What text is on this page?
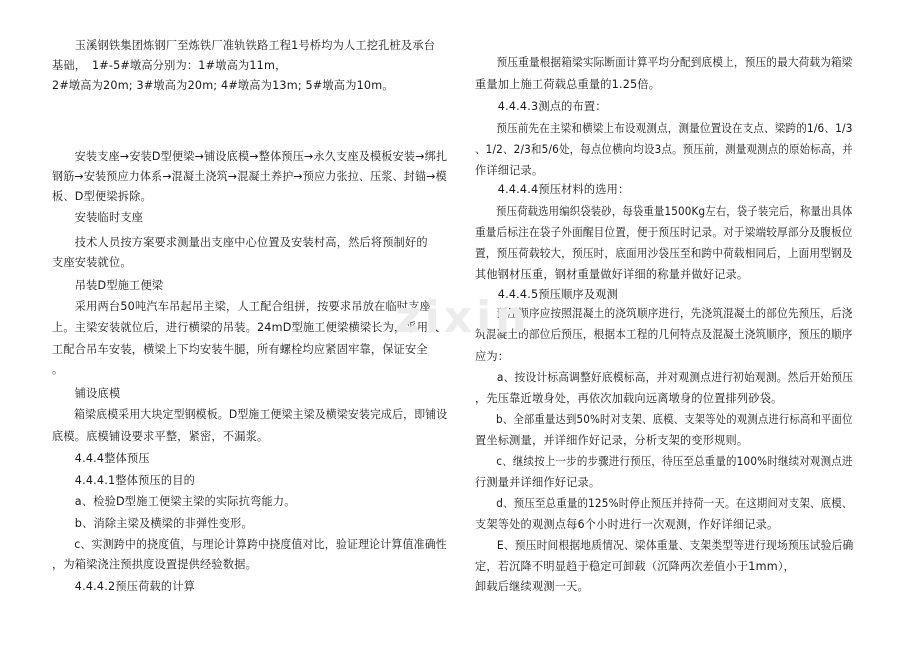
　　玉溪钢铁集团炼钢厂至炼铁厂准轨铁路工程1号桥均为人工挖孔桩及承台
基础，　1#-5#墩高分别为：1#墩高为11m，
2#墩高为20m; 3#墩高为20m; 4#墩高为13m; 5#墩高为10m。
　　安装支座→安装D型便梁→铺设底模→整体预压→永久支座及模板安装→绑扎
钢筋→安装预应力体系→混凝土浇筑→混凝土养护→预应力张拉、压浆、封锚→模
板、D型便梁拆除。
　　安装临时支座
　　技术人员按方案要求测量出支座中心位置及安装村高，然后将预制好的
支座安装就位。
　　吊装D型施工便梁
　　采用两台50吨汽车吊起吊主梁，人工配合组拼，按要求吊放在临时支座
上。主梁安装就位后，进行横梁的吊装。24mD型施工便梁横梁长为，采用人
工配合吊车安装，横梁上下均安装牛腿，所有螺栓均应紧固牢靠，保证安全
。
　　铺设底模
　　箱梁底模采用大块定型钢模板。D型施工便梁主梁及横梁安装完成后，即铺设
底模。底模铺设要求平整，紧密，不漏浆。
　　4.4.4整体预压
　　4.4.4.1整体预压的目的
　　a、检验D型施工便梁主梁的实际抗弯能力。
　　b、消除主梁及横梁的非弹性变形。
　　c、实测跨中的挠度值，与理论计算跨中挠度值对比，验证理论计算值准确性
，为箱梁浇注预拱度设置提供经验数据。
　　4.4.4.2预压荷载的计算
　　预压重量根据箱梁实际断面计算平均分配到底模上，预压的最大荷载为箱梁
重量加上施工荷载总重量的1.25倍。
　　4.4.4.3测点的布置：
　　预压前先在主梁和横梁上布设观测点，测量位置设在支点、梁跨的1/6、1/3
、1/2、2/3和5/6处，每点位横向均设3点。预压前，测量观测点的原始标高，并
作详细记录。
　　4.4.4.4预压材料的选用：
　　预压荷载选用编织袋装砂，每袋重量1500Kg左右，袋子装完后，称量出具体
重量后标注在袋子外面醒目位置，便于预压时记录。对于梁端较厚部分及腹板位
置，预压荷载较大，预压时，底面用沙袋压至和跨中荷载相同后，上面用型钢及
其他钢材压重，钢材重量做好详细的称量并做好记录。
　　4.4.4.5预压顺序及观测
　　预压顺序应按照混凝土的浇筑顺序进行，先浇筑混凝土的部位先预压，后浇
筑混凝土的部位后预压，根据本工程的几何特点及混凝土浇筑顺序，预压的顺序
应为：
　　a、按设计标高调整好底模标高，并对观测点进行初始观测。然后开始预压
，先压靠近墩身处，再依次加载向远离墩身的位置排列砂袋。
　　b、全部重量达到50%时对支架、底模、支架等处的观测点进行标高和平面位
置坐标测量，并详细作好记录，分析支架的变形规则。
　　c、继续按上一步的步骤进行预压，待压至总重量的100%时继续对观测点进
行测量并详细作好记录。
　　d、预压至总重量的125%时停止预压并持荷一天。在这期间对支架、底模、
支架等处的观测点每6个小时进行一次观测，作好详细记录。
　　E、预压时间根据地质情况、梁体重量、支架类型等进行现场预压试验后确
定，若沉降不明显趋于稳定可卸载（沉降两次差值小于1mm），
卸载后继续观测一天。
zixin
